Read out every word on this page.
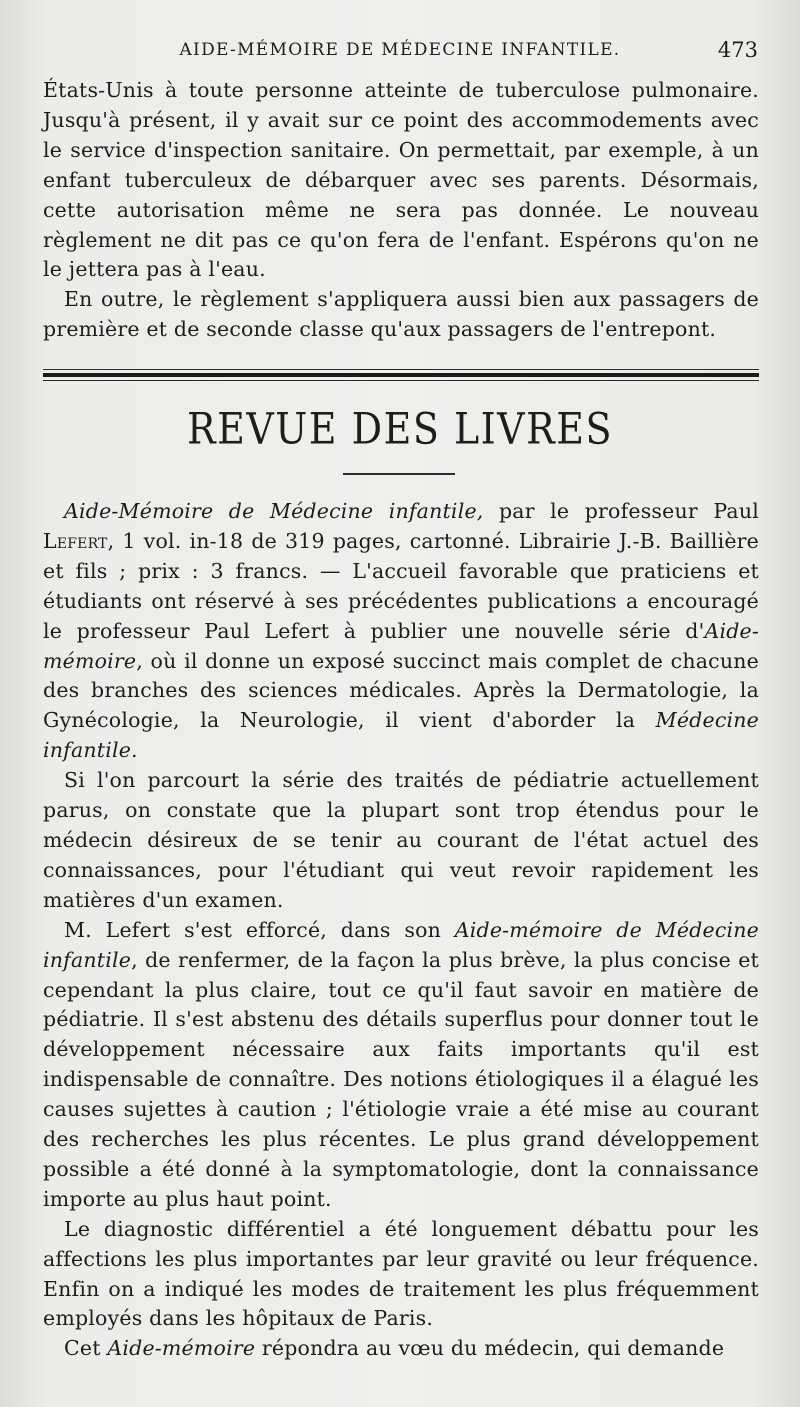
AIDE-MÉMOIRE DE MÉDECINE INFANTILE.	473

États-Unis à toute personne atteinte de tuberculose pulmonaire. Jusqu'à présent, il y avait sur ce point des accommodements avec le service d'inspection sanitaire. On permettait, par exemple, à un enfant tuberculeux de débarquer avec ses parents. Désormais, cette autorisation même ne sera pas donnée. Le nouveau règlement ne dit pas ce qu'on fera de l'enfant. Espérons qu'on ne le jettera pas à l'eau.

En outre, le règlement s'appliquera aussi bien aux passagers de première et de seconde classe qu'aux passagers de l'entrepont.

REVUE DES LIVRES

Aide-Mémoire de Médecine infantile, par le professeur Paul Lefert, 1 vol. in-18 de 319 pages, cartonné. Librairie J.-B. Baillière et fils ; prix : 3 francs. — L'accueil favorable que praticiens et étudiants ont réservé à ses précédentes publications a encouragé le professeur Paul Lefert à publier une nouvelle série d'Aide-mémoire, où il donne un exposé succinct mais complet de chacune des branches des sciences médicales. Après la Dermatologie, la Gynécologie, la Neurologie, il vient d'aborder la Médecine infantile.

Si l'on parcourt la série des traités de pédiatrie actuellement parus, on constate que la plupart sont trop étendus pour le médecin désireux de se tenir au courant de l'état actuel des connaissances, pour l'étudiant qui veut revoir rapidement les matières d'un examen.

M. Lefert s'est efforcé, dans son Aide-mémoire de Médecine infantile, de renfermer, de la façon la plus brève, la plus concise et cependant la plus claire, tout ce qu'il faut savoir en matière de pédiatrie. Il s'est abstenu des détails superflus pour donner tout le développement nécessaire aux faits importants qu'il est indispensable de connaître. Des notions étiologiques il a élagué les causes sujettes à caution ; l'étiologie vraie a été mise au courant des recherches les plus récentes. Le plus grand développement possible a été donné à la symptomatologie, dont la connaissance importe au plus haut point.

Le diagnostic différentiel a été longuement débattu pour les affections les plus importantes par leur gravité ou leur fréquence. Enfin on a indiqué les modes de traitement les plus fréquemment employés dans les hôpitaux de Paris.

Cet Aide-mémoire répondra au vœu du médecin, qui demande
